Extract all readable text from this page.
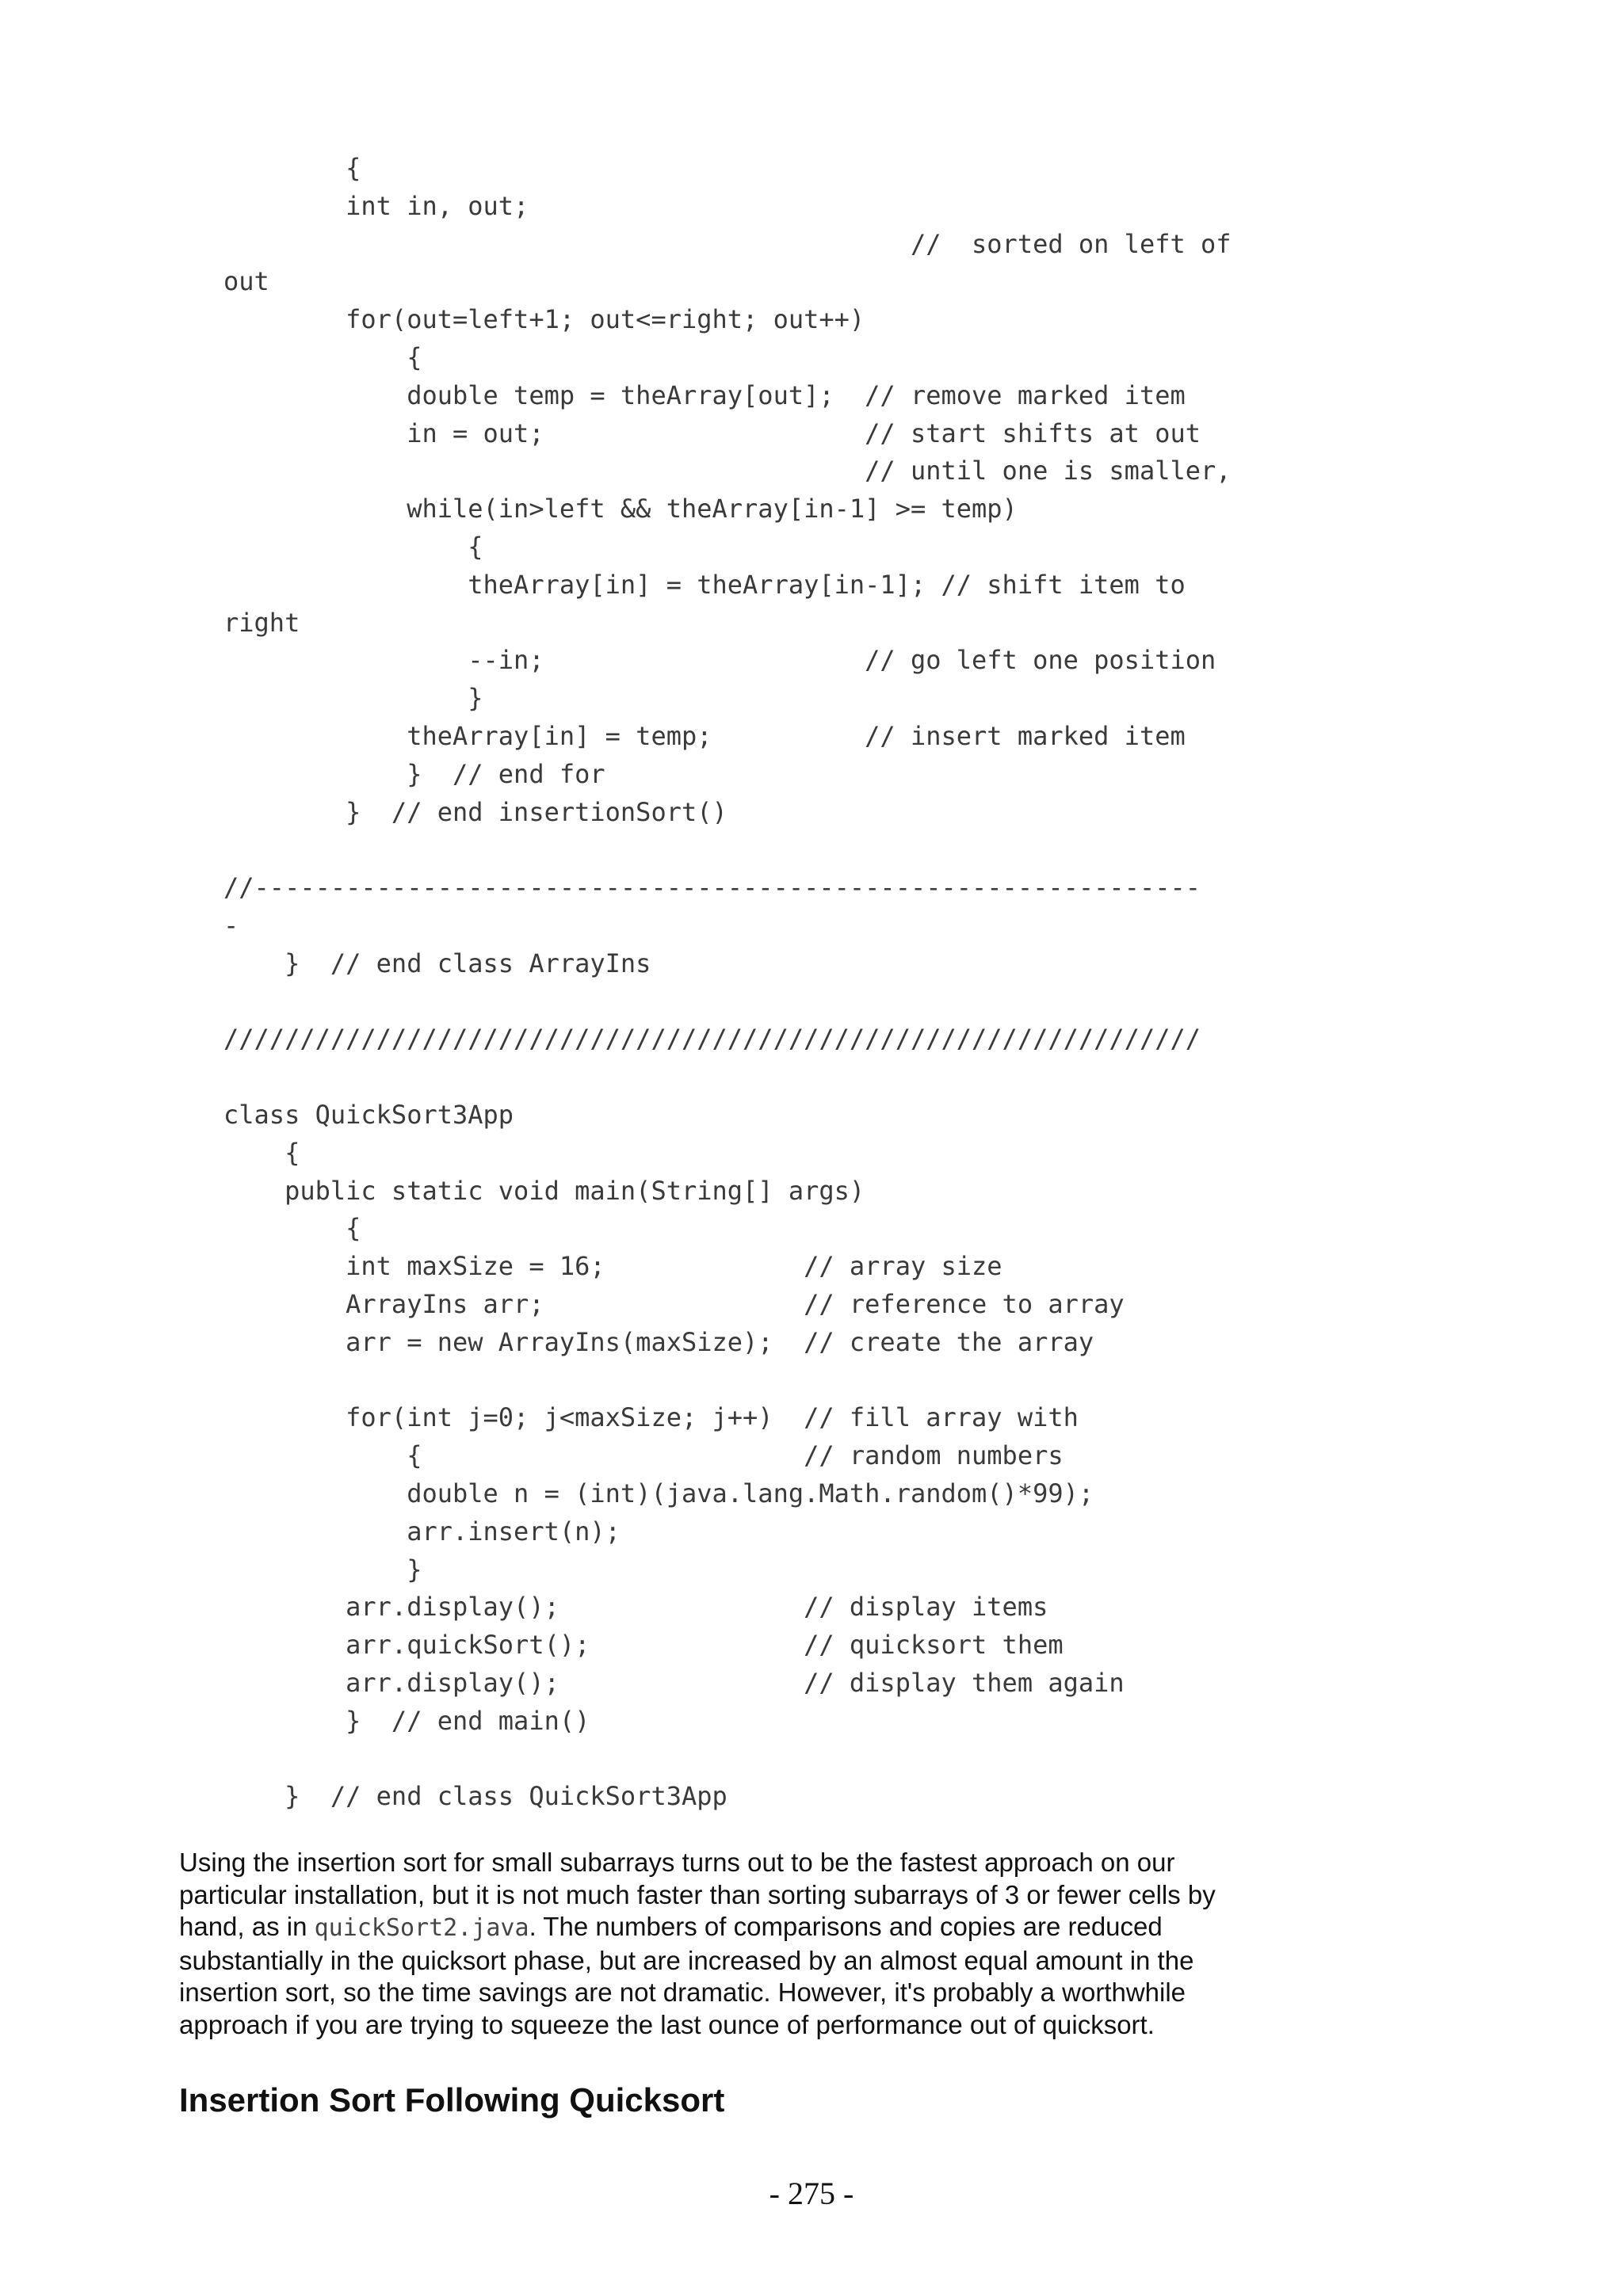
{
int in, out;
//  sorted on left of
out
for(out=left+1; out<=right; out++)
{
double temp = theArray[out];  // remove marked item
in = out;                     // start shifts at out
// until one is smaller,
while(in>left && theArray[in-1] >= temp)
{
theArray[in] = theArray[in-1]; // shift item to
right
--in;                     // go left one position
}
theArray[in] = temp;          // insert marked item
}  // end for
}  // end insertionSort()
//--------------------------------------------------------------
-
}  // end class ArrayIns
////////////////////////////////////////////////////////////////
class QuickSort3App
{
public static void main(String[] args)
{
int maxSize = 16;             // array size
ArrayIns arr;                 // reference to array
arr = new ArrayIns(maxSize);  // create the array
for(int j=0; j<maxSize; j++)  // fill array with
{                         // random numbers
double n = (int)(java.lang.Math.random()*99);
arr.insert(n);
}
arr.display();                // display items
arr.quickSort();              // quicksort them
arr.display();                // display them again
}  // end main()
}  // end class QuickSort3App

Using the insertion sort for small subarrays turns out to be the fastest approach on our particular installation, but it is not much faster than sorting subarrays of 3 or fewer cells by hand, as in quickSort2.java. The numbers of comparisons and copies are reduced substantially in the quicksort phase, but are increased by an almost equal amount in the insertion sort, so the time savings are not dramatic. However, it's probably a worthwhile approach if you are trying to squeeze the last ounce of performance out of quicksort.

Insertion Sort Following Quicksort
- 275 -
